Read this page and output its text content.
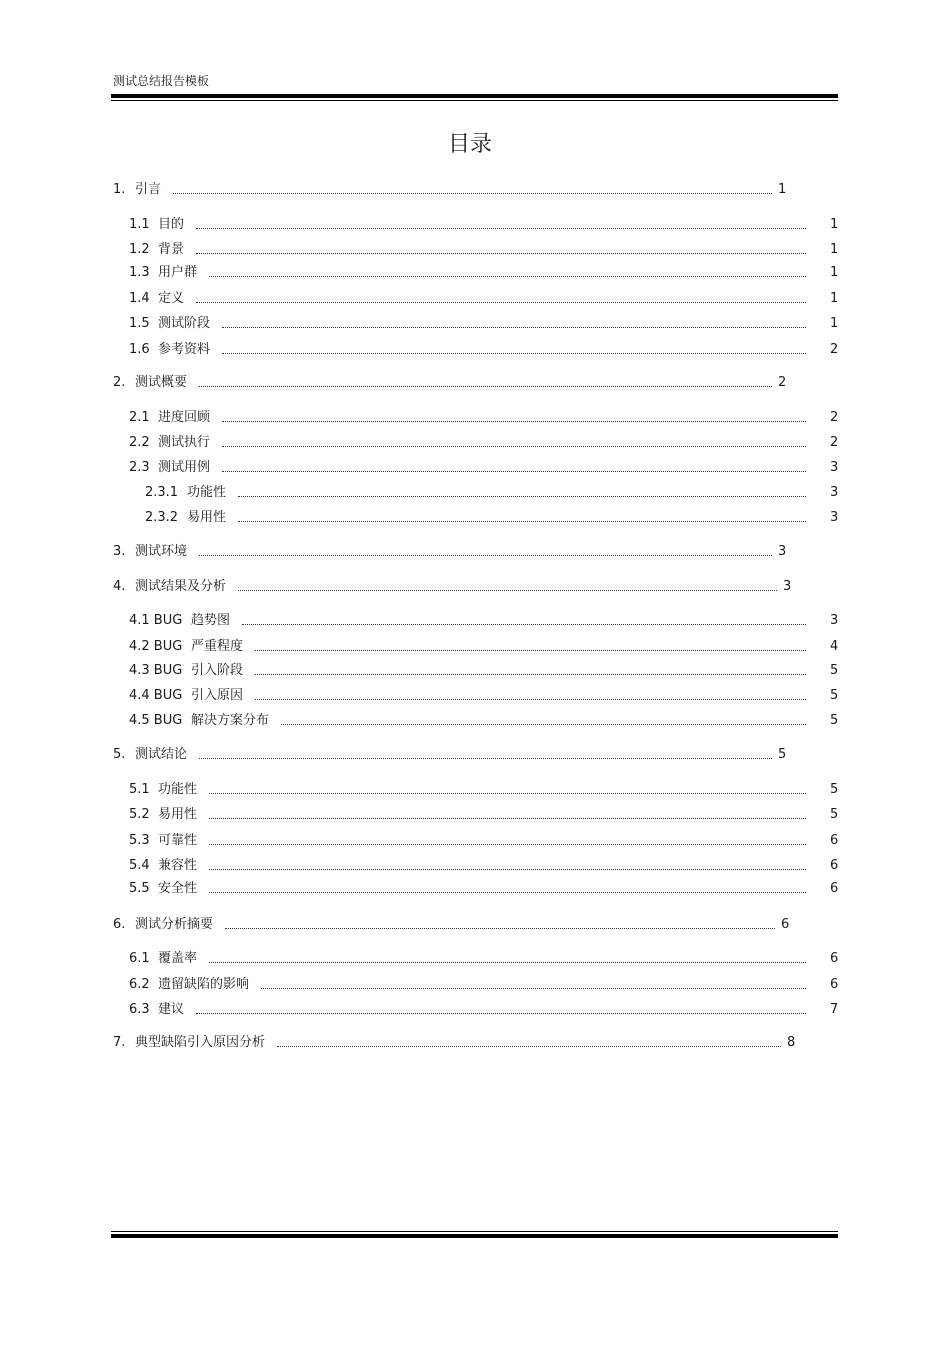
测试总结报告模板
目录
1. 引言	1
1.1 目的	1
1.2 背景	1
1.3 用户群	1
1.4 定义	1
1.5 测试阶段	1
1.6 参考资料	2
2. 测试概要	2
2.1 进度回顾	2
2.2 测试执行	2
2.3 测试用例	3
2.3.1 功能性	3
2.3.2 易用性	3
3. 测试环境	3
4. 测试结果及分析	3
4.1 BUG 趋势图	3
4.2 BUG 严重程度	4
4.3 BUG 引入阶段	5
4.4 BUG 引入原因	5
4.5 BUG 解决方案分布	5
5. 测试结论	5
5.1 功能性	5
5.2 易用性	5
5.3 可靠性	6
5.4 兼容性	6
5.5 安全性	6
6. 测试分析摘要	6
6.1 覆盖率	6
6.2 遗留缺陷的影响	6
6.3 建议	7
7. 典型缺陷引入原因分析	8
